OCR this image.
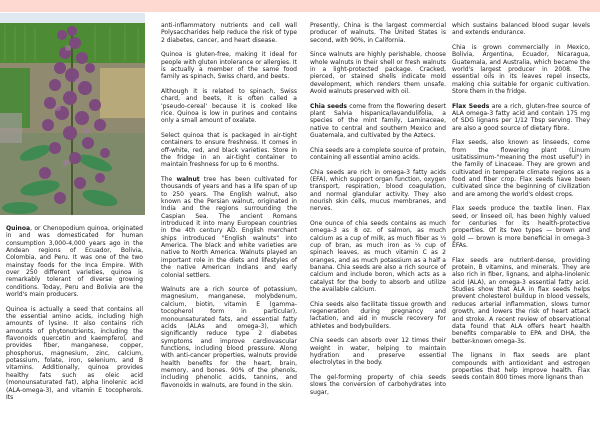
Quinoa, or Chenopodium quinoa, originated in and was domesticated for human consumption 3,000-4,000 years ago in the Andean regions of Ecuador, Bolivia, Colombia, and Peru. It was one of the two mainstay foods for the Inca Empire. With over 250 different varieties, quinoa is remarkably tolerant of diverse growing conditions. Today, Peru and Bolivia are the world's main producers.

Quinoa is actually a seed that contains all the essential amino acids, including high amounts of lysine. It also contains rich amounts of phytonutrients, including the flavonoids quercetin and kaempferol, and provides fiber, manganese, copper, phosphorus, magnesium, zinc, calcium, potassium, folate, iron, selenium, and B vitamins. Additionally, quinoa provides healthy fats such as oleic acid (monounsaturated fat), alpha linolenic acid (ALA-omega-3), and vitamin E tocopherols. Its

anti-inflammatory nutrients and cell wall Polysaccharides help reduce the risk of type 2 diabetes, cancer, and heart disease.

Quinoa is gluten-free, making it ideal for people with gluten intolerance or allergies. It is actually a member of the same food family as spinach, Swiss chard, and beets.

Although it is related to spinach, Swiss chard, and beets, it is often called a 'pseudo-cereal' because it is cooked like rice. Quinoa is low in purines and contains only a small amount of oxalate.

Select quinoa that is packaged in air-tight containers to ensure freshness. It comes in off-white, red, and black varieties. Store in the fridge in an air-tight container to maintain freshness for up to 6 months.

The walnut tree has been cultivated for thousands of years and has a life span of up to 250 years. The English walnut, also known as the Persian walnut, originated in India and the regions surrounding the Caspian Sea. The ancient Romans introduced it into many European countries in the 4th century AD. English merchant ships introduced "English walnuts" into America. The black and white varieties are native to North America. Walnuts played an important role in the diets and lifestyles of the native American Indians and early colonial settlers.

Walnuts are a rich source of potassium, magnesium, manganese, molybdenum, calcium, biotin, vitamin E (gamma-tocopherol form in particular), monounsaturated fats, and essential fatty acids (ALAs and omega-3), which significantly reduce type 2 diabetes symptoms and improve cardiovascular functions, including blood pressure. Along with anti-cancer properties, walnuts provide health benefits for the heart, brain, memory, and bones. 90% of the phenols, including phenolic acids, tannins, and flavonoids in walnuts, are found in the skin.

Presently, China is the largest commercial producer of walnuts. The United States is second, with 90%, in California.

Since walnuts are highly perishable, choose whole walnuts in their shell or fresh walnuts in a light-protected package. Cracked, pierced, or stained shells indicate mold development, which renders them unsafe. Avoid walnuts preserved with oil.

Chia seeds come from the flowering desert plant Salvia hispanica/lavandulifolia, a species of the mint family, Laminaceae, native to central and southern Mexico and Guatemala, and cultivated by the Aztecs.

Chia seeds are a complete source of protein, containing all essential amino acids.

Chia seeds are rich in omega-3 fatty acids (EFA), which support organ function, oxygen transport, respiration, blood coagulation, and normal glandular activity. They also nourish skin cells, mucus membranes, and nerves.

One ounce of chia seeds contains as much omega-3 as 8 oz. of salmon, as much calcium as a cup of milk, as much fiber as ⅓ cup of bran, as much iron as ⅓ cup of spinach leaves, as much vitamin C as 2 oranges, and as much potassium as a half a banana. Chia seeds are also a rich source of calcium and include boron, which acts as a catalyst for the body to absorb and utilize the available calcium.

Chia seeds also facilitate tissue growth and regeneration during pregnancy and lactation, and aid in muscle recovery for athletes and bodybuilders.

Chia seeds can absorb over 12 times their weight in water, helping to maintain hydration and preserve essential electrolytes in the body.

The gel-forming property of chia seeds slows the conversion of carbohydrates into sugar,

which sustains balanced blood sugar levels and extends endurance.

Chia is grown commercially in Mexico, Bolivia, Argentina, Ecuador, Nicaragua, Guatemala, and Australia, which became the world's largest producer in 2008. The essential oils in its leaves repel insects, making chia suitable for organic cultivation. Store them in the fridge.

Flax Seeds are a rich, gluten-free source of ALA omega-3 fatty acid and contain 175 mg of SDG lignans per 1/12 Tbsp serving. They are also a good source of dietary fibre.

Flax seeds, also known as linseeds, come from the flowering plant (Linum usitatissimum-"meaning the most useful") in the family of Linaceae. They are grown and cultivated in temperate climate regions as a food and fiber crop. Flax seeds have been cultivated since the beginning of civilization and are among the world's oldest crops.

Flax seeds produce the textile linen. Flax seed, or linseed oil, has been highly valued for centuries for its health-protective properties. Of its two types — brown and gold — brown is more beneficial in omega-3 EFAs.

Flax seeds are nutrient-dense, providing protein, B vitamins, and minerals. They are also rich in fiber, lignans, and alpha-linolenic acid (ALA), an omega-3 essential fatty acid. Studies show that ALA in flax seeds helps prevent cholesterol buildup in blood vessels, reduces arterial inflammation, slows tumor growth, and lowers the risk of heart attack and stroke. A recent review of observational data found that ALA offers heart health benefits comparable to EPA and DHA, the better-known omega-3s.

The lignans in flax seeds are plant compounds with antioxidant and estrogen properties that help improve health. Flax seeds contain 800 times more lignans than
